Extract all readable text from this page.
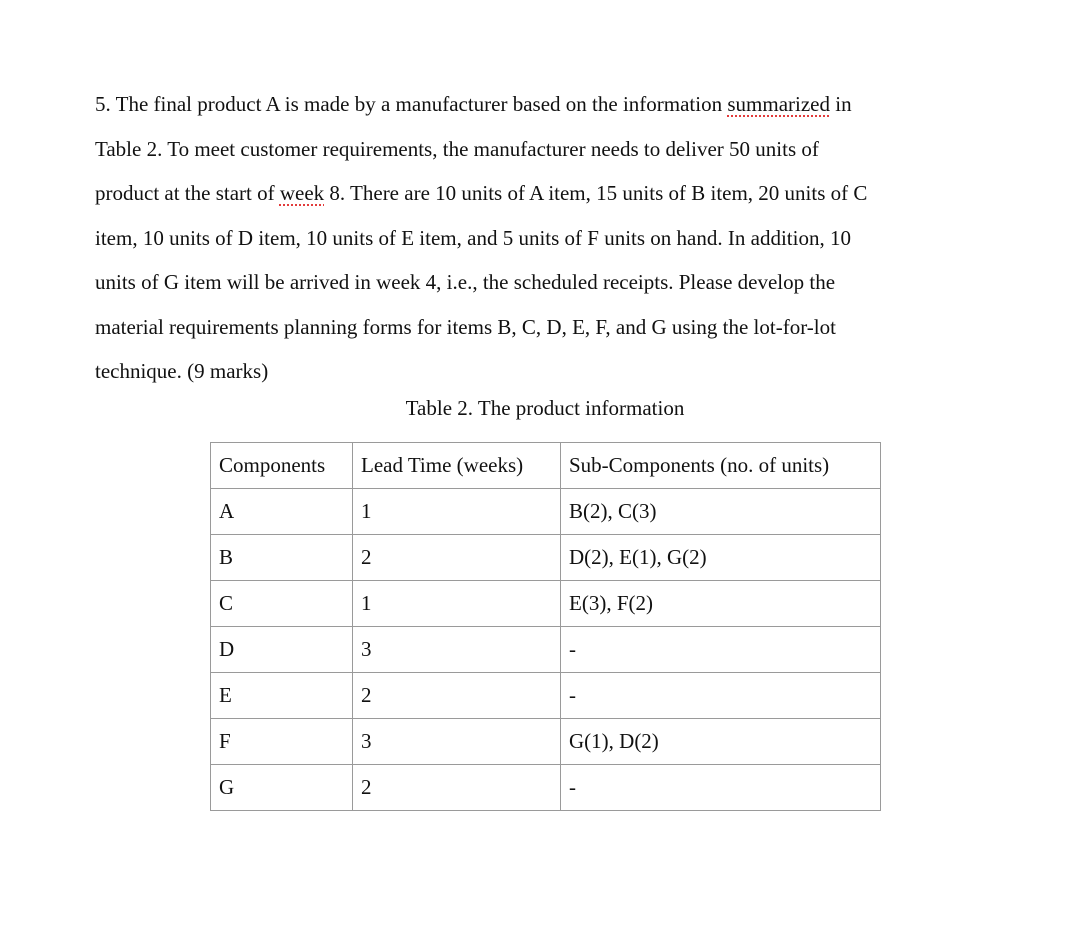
5. The final product A is made by a manufacturer based on the information summarized in
Table 2. To meet customer requirements, the manufacturer needs to deliver 50 units of
product at the start of week 8. There are 10 units of A item, 15 units of B item, 20 units of C
item, 10 units of D item, 10 units of E item, and 5 units of F units on hand. In addition, 10
units of G item will be arrived in week 4, i.e., the scheduled receipts. Please develop the
material requirements planning forms for items B, C, D, E, F, and G using the lot-for-lot
technique. (9 marks)
Table 2. The product information
Components	Lead Time (weeks)	Sub-Components (no. of units)
A	1	B(2), C(3)
B	2	D(2), E(1), G(2)
C	1	E(3), F(2)
D	3	-
E	2	-
F	3	G(1), D(2)
G	2	-
